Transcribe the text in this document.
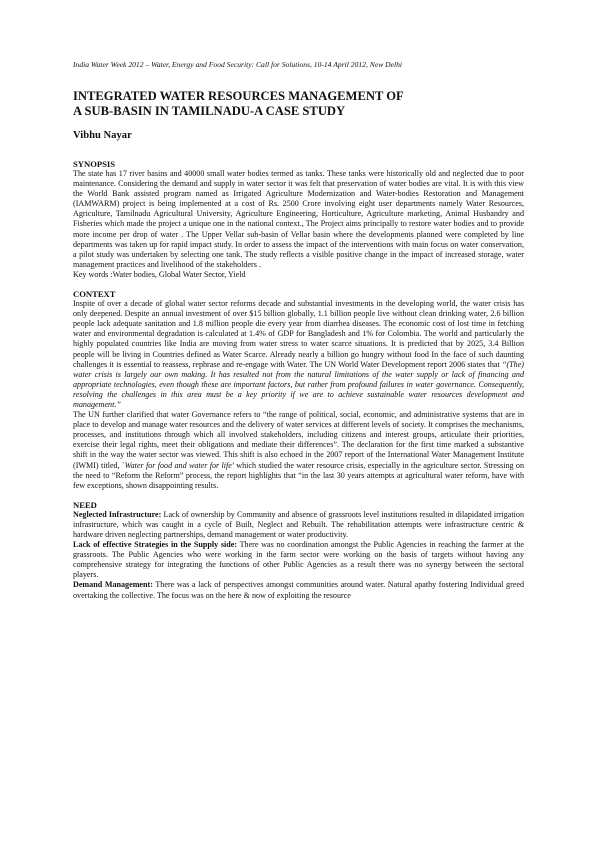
India Water Week 2012 – Water, Energy and Food Security: Call for Solutions, 10-14 April 2012, New Delhi

INTEGRATED WATER RESOURCES MANAGEMENT OF
A SUB-BASIN IN TAMILNADU-A CASE STUDY

Vibhu Nayar

SYNOPSIS

The state has 17 river basins and 40000 small water bodies termed as tanks. These tanks were historically old and neglected due to poor maintenance. Considering the demand and supply in water sector it was felt that preservation of water bodies are vital. It is with this view the World Bank assisted program named as Irrigated Agriculture Modernization and Water-bodies Restoration and Management (IAMWARM) project is being implemented at a cost of Rs. 2500 Crore involving eight user departments namely Water Resources, Agriculture, Tamilnadu Agricultural University, Agriculture Engineering, Horticulture, Agriculture marketing, Animal Husbandry and Fisheries which made the project a unique one in the national context., The Project aims principally to restore water bodies and to provide more income per drop of water . The Upper Vellar sub-basin of Vellar basin where the developments planned were completed by line departments was taken up for rapid impact study. In order to assess the impact of the interventions with main focus on water conservation, a pilot study was undertaken by selecting one tank. The study reflects a visible positive change in the impact of increased storage, water management practices and livelihood of the stakeholders .

Key words :Water bodies, Global Water Sector, Yield

CONTEXT

Inspite of over a decade of global water sector reforms decade and substantial investments in the developing world, the water crisis has only deepened. Despite an annual investment of over $15 billion globally, 1.1 billion people live without clean drinking water, 2.6 billion people lack adequate sanitation and 1.8 million people die every year from diarrhea diseases. The economic cost of lost time in fetching water and environmental degradation is calculated at 1.4% of GDP for Bangladesh and 1% for Colombia. The world and particularly the highly populated countries like India are moving from water stress to water scarce situations. It is predicted that by 2025, 3.4 Billion people will be living in Countries defined as Water Scarce. Already nearly a billion go hungry without food In the face of such daunting challenges it is essential to reassess, rephrase and re-engage with Water. The UN World Water Development report 2006 states that “(The) water crisis is largely our own making. It has resulted not from the natural limitations of the water supply or lack of financing and appropriate technologies, even though these are important factors, but rather from profound failures in water governance. Consequently, resolving the challenges in this area must be a key priority if we are to achieve sustainable water resources development and management.”

The UN further clarified that water Governance refers to “the range of political, social, economic, and administrative systems that are in place to develop and manage water resources and the delivery of water services at different levels of society. It comprises the mechanisms, processes, and institutions through which all involved stakeholders, including citizens and interest groups, articulate their priorities, exercise their legal rights, meet their obligations and mediate their differences”. The declaration for the first time marked a substantive shift in the way the water sector was viewed. This shift is also echoed in the 2007 report of the International Water Management Institute (IWMI) titled, `Water for food and water for life’ which studied the water resource crisis, especially in the agriculture sector. Stressing on the need to “Reform the Reform” process, the report highlights that “in the last 30 years attempts at agricultural water reform, have with few exceptions, shown disappointing results.

NEED

Neglected Infrastructure: Lack of ownership by Community and absence of grassroots level institutions resulted in dilapidated irrigation infrastructure, which was caught in a cycle of Built, Neglect and Rebuilt. The rehabilitation attempts were infrastructure centric & hardware driven neglecting partnerships, demand management or water productivity.

Lack of effective Strategies in the Supply side: There was no coordination amongst the Public Agencies in reaching the farmer at the grassroots. The Public Agencies who were working in the farm sector were working on the basis of targets without having any comprehensive strategy for integrating the functions of other Public Agencies as a result there was no synergy between the sectoral players.

Demand Management: There was a lack of perspectives amongst communities around water. Natural apathy fostering Individual greed overtaking the collective. The focus was on the here & now of exploiting the resource
